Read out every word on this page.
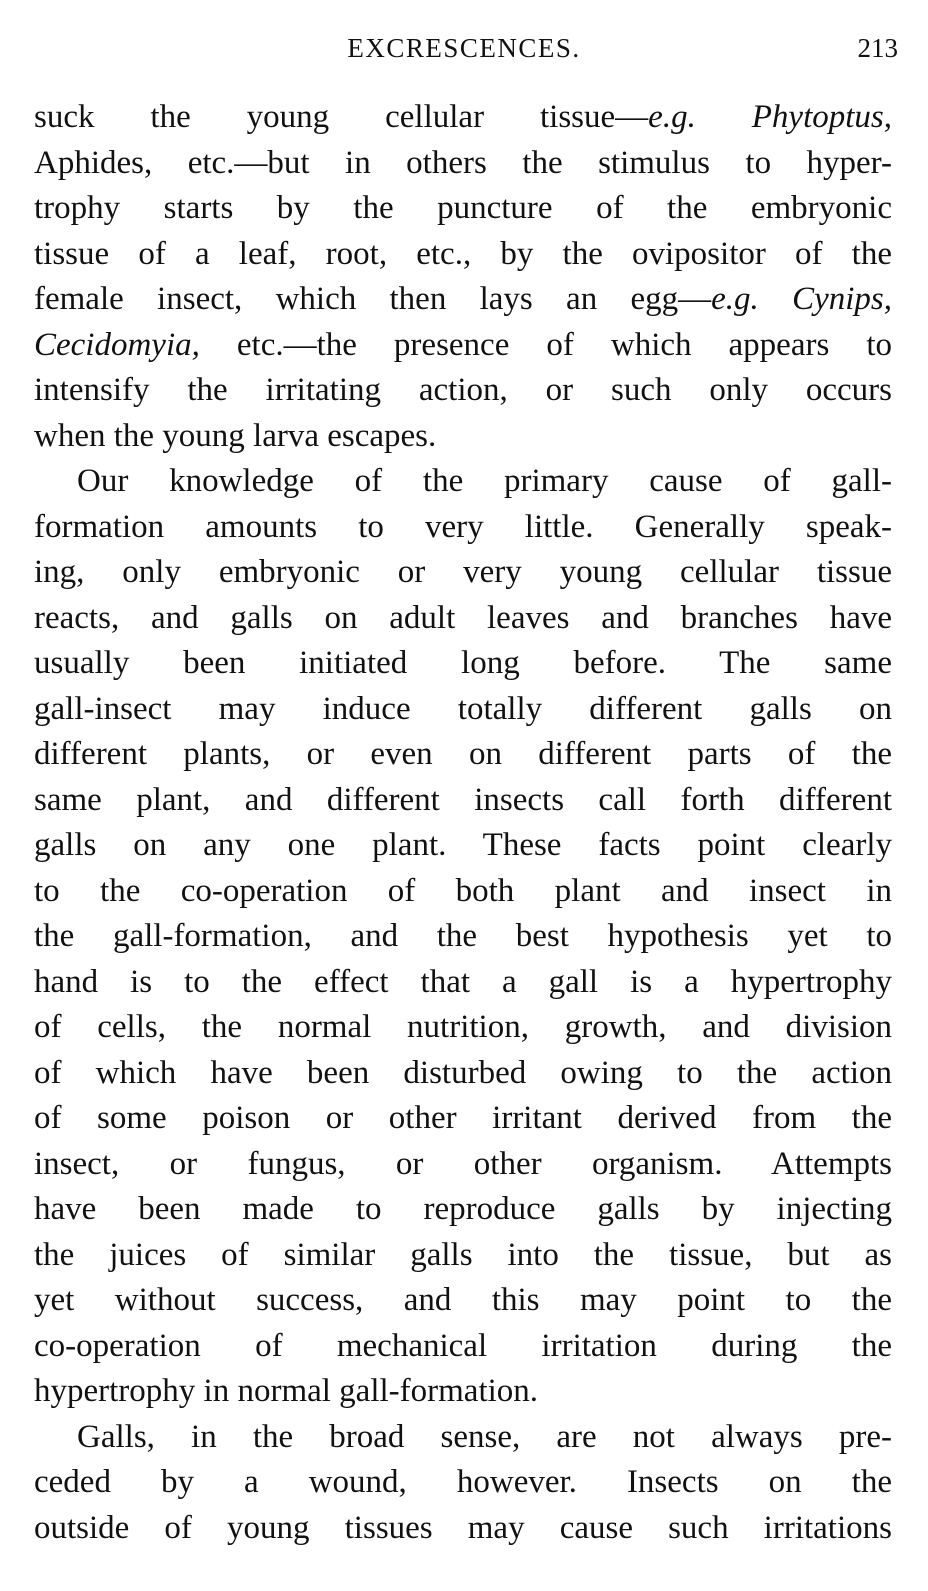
EXCRESCENCES.	213
suck the young cellular tissue—e.g. Phytoptus,
Aphides, etc.—but in others the stimulus to hyper-
trophy starts by the puncture of the embryonic
tissue of a leaf, root, etc., by the ovipositor of the
female insect, which then lays an egg—e.g. Cynips,
Cecidomyia, etc.—the presence of which appears to
intensify the irritating action, or such only occurs
when the young larva escapes.
Our knowledge of the primary cause of gall-
formation amounts to very little. Generally speak-
ing, only embryonic or very young cellular tissue
reacts, and galls on adult leaves and branches have
usually been initiated long before. The same
gall-insect may induce totally different galls on
different plants, or even on different parts of the
same plant, and different insects call forth different
galls on any one plant. These facts point clearly
to the co-operation of both plant and insect in
the gall-formation, and the best hypothesis yet to
hand is to the effect that a gall is a hypertrophy
of cells, the normal nutrition, growth, and division
of which have been disturbed owing to the action
of some poison or other irritant derived from the
insect, or fungus, or other organism. Attempts
have been made to reproduce galls by injecting
the juices of similar galls into the tissue, but as
yet without success, and this may point to the
co-operation of mechanical irritation during the
hypertrophy in normal gall-formation.
Galls, in the broad sense, are not always pre-
ceded by a wound, however. Insects on the
outside of young tissues may cause such irritations
